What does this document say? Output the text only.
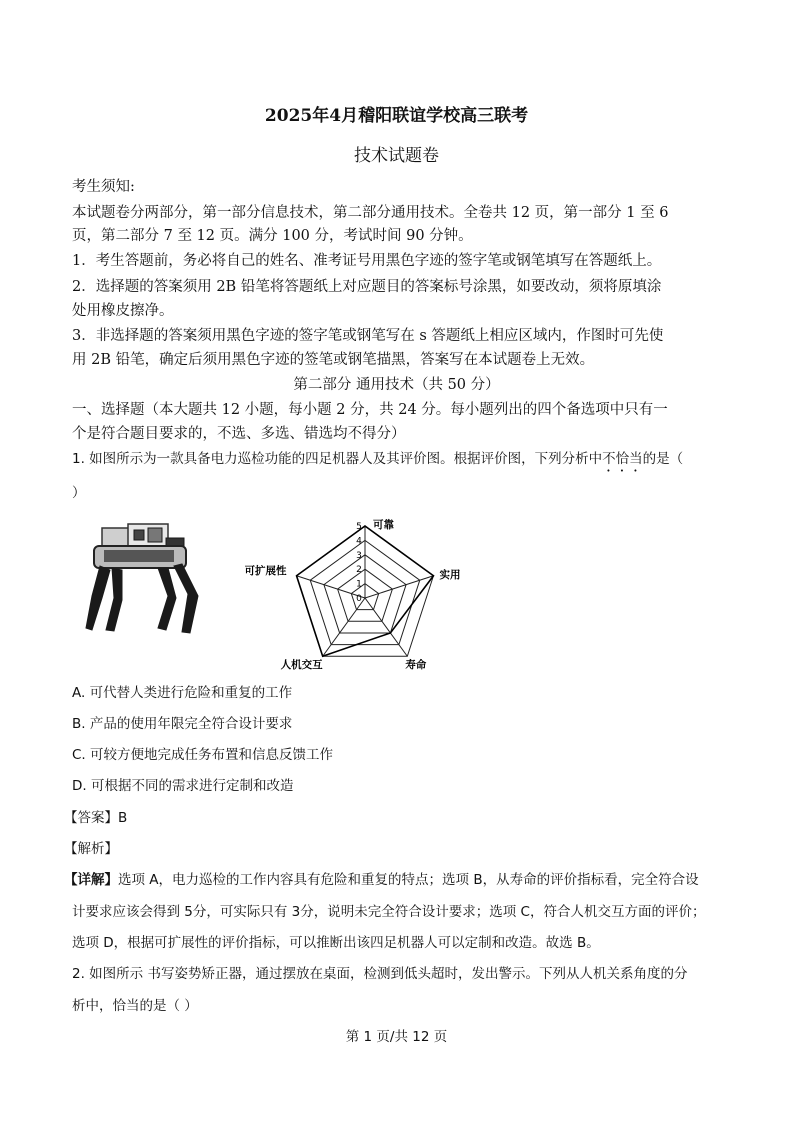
2025年4月稽阳联谊学校高三联考
技术试题卷
考生须知:
本试题卷分两部分，第一部分信息技术，第二部分通用技术。全卷共 12 页，第一部分 1 至 6
页，第二部分 7 至 12 页。满分 100 分，考试时间 90 分钟。
1．考生答题前，务必将自己的姓名、准考证号用黑色字迹的签字笔或钢笔填写在答题纸上。
2．选择题的答案须用 2B 铅笔将答题纸上对应题目的答案标号涂黑，如要改动，须将原填涂
处用橡皮擦净。
3．非选择题的答案须用黑色字迹的签字笔或钢笔写在 s 答题纸上相应区域内，作图时可先使
用 2B 铅笔，确定后须用黑色字迹的签笔或钢笔描黑，答案写在本试题卷上无效。
第二部分 通用技术（共 50 分）
一、选择题（本大题共 12 小题，每小题 2 分，共 24 分。每小题列出的四个备选项中只有一
个是符合题目要求的，不选、多选、错选均不得分）
1. 如图所示为一款具备电力巡检功能的四足机器人及其评价图。根据评价图，下列分析中不恰当的是（
）
0
1
2
3
4
5 可靠
实用
寿命
人机交互
可扩展性
A. 可代替人类进行危险和重复的工作
B. 产品的使用年限完全符合设计要求
C. 可较方便地完成任务布置和信息反馈工作
D. 可根据不同的需求进行定制和改造
【答案】B
【解析】
【详解】选项 A，电力巡检的工作内容具有危险和重复的特点；选项 B，从寿命的评价指标看，完全符合设
计要求应该会得到 5分，可实际只有 3分，说明未完全符合设计要求；选项 C，符合人机交互方面的评价；
选项 D，根据可扩展性的评价指标，可以推断出该四足机器人可以定制和改造。故选 B。
2. 如图所示 书写姿势矫正器，通过摆放在桌面，检测到低头超时，发出警示。下列从人机关系角度的分
析中，恰当的是（ ）
第 1 页/共 12 页
